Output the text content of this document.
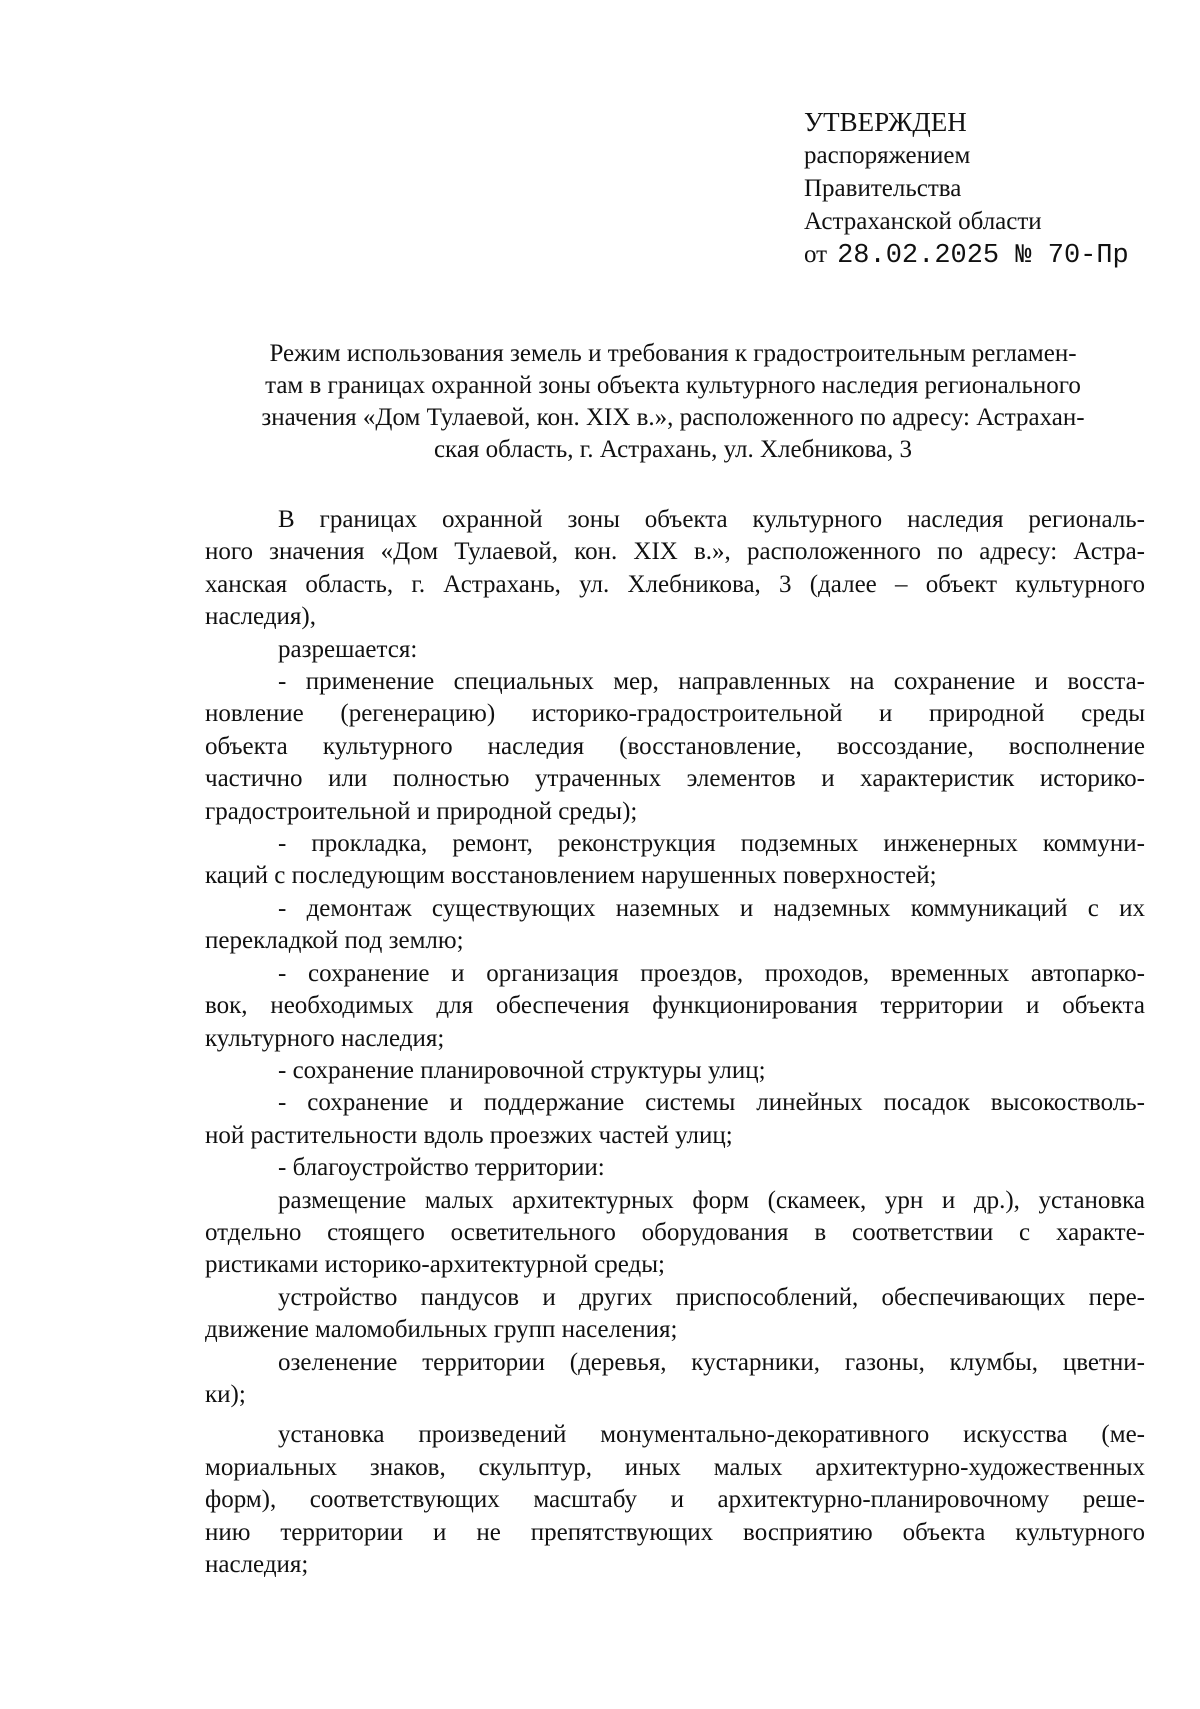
УТВЕРЖДЕН
распоряжением
Правительства
Астраханской области
от 28.02.2025 № 70-Пр
Режим использования земель и требования к градостроительным регламен-
там в границах охранной зоны объекта культурного наследия регионального
значения «Дом Тулаевой, кон. XIX в.», расположенного по адресу: Астрахан-
ская область, г. Астрахань, ул. Хлебникова, 3
В границах охранной зоны объекта культурного наследия региональ-
ного значения «Дом Тулаевой, кон. XIX в.», расположенного по адресу: Астра-
ханская область, г. Астрахань, ул. Хлебникова, 3 (далее – объект культурного
наследия),
разрешается:
- применение специальных мер, направленных на сохранение и восста-
новление (регенерацию) историко-градостроительной и природной среды
объекта культурного наследия (восстановление, воссоздание, восполнение
частично или полностью утраченных элементов и характеристик историко-
градостроительной и природной среды);
- прокладка, ремонт, реконструкция подземных инженерных коммуни-
каций с последующим восстановлением нарушенных поверхностей;
- демонтаж существующих наземных и надземных коммуникаций с их
перекладкой под землю;
- сохранение и организация проездов, проходов, временных автопарко-
вок, необходимых для обеспечения функционирования территории и объекта
культурного наследия;
- сохранение планировочной структуры улиц;
- сохранение и поддержание системы линейных посадок высокостволь-
ной растительности вдоль проезжих частей улиц;
- благоустройство территории:
размещение малых архитектурных форм (скамеек, урн и др.), установка
отдельно стоящего осветительного оборудования в соответствии с характе-
ристиками историко-архитектурной среды;
устройство пандусов и других приспособлений, обеспечивающих пере-
движение маломобильных групп населения;
озеленение территории (деревья, кустарники, газоны, клумбы, цветни-
ки);
установка произведений монументально-декоративного искусства (ме-
мориальных знаков, скульптур, иных малых архитектурно-художественных
форм), соответствующих масштабу и архитектурно-планировочному реше-
нию территории и не препятствующих восприятию объекта культурного
наследия;
